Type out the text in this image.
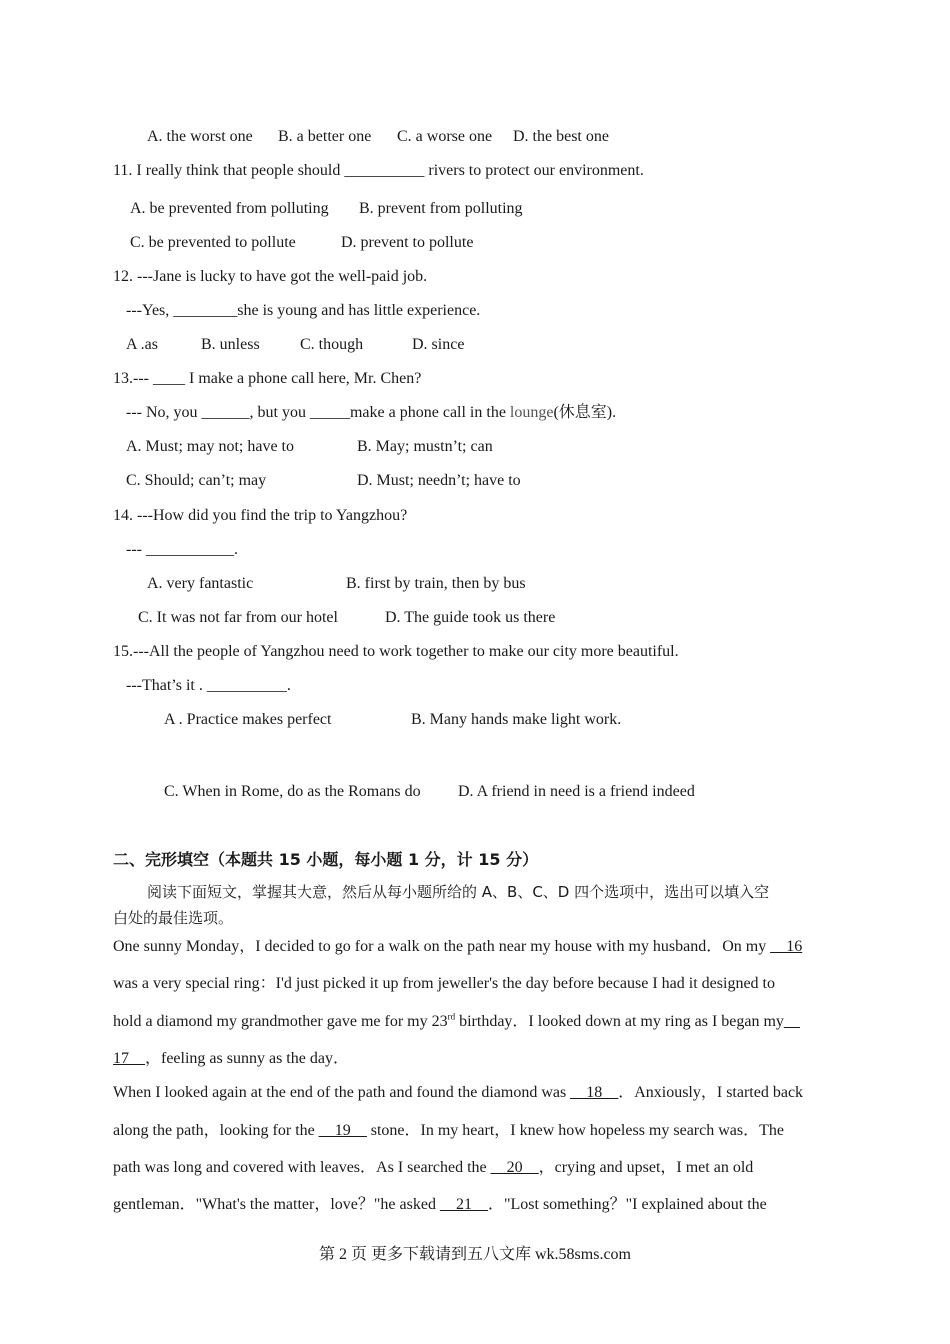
A. the worst one B. a better one C. a worse one D. the best one
11. I really think that people should __________ rivers to protect our environment.
A. be prevented from polluting B. prevent from polluting
C. be prevented to pollute	D. prevent to pollute
12. ---Jane is lucky to have got the well-paid job.
---Yes, ________she is young and has little experience.
A .as	B. unless	C. though	D. since
13.--- ____ I make a phone call here, Mr. Chen?
--- No, you ______, but you _____make a phone call in the lounge(休息室).
A. Must; may not; have to	B. May; mustn’t; can
C. Should; can’t; may	D. Must; needn’t; have to
14. ---How did you find the trip to Yangzhou?
--- ___________.
A. very fantastic	B. first by train, then by bus
C. It was not far from our hotel	D. The guide took us there
15.---All the people of Yangzhou need to work together to make our city more beautiful.
---That’s it . __________.
A . Practice makes perfect	B. Many hands make light work.
C. When in Rome, do as the Romans do D. A friend in need is a friend indeed
二、完形填空（本题共 15 小题，每小题 1 分，计 15 分）
阅读下面短文，掌握其大意，然后从每小题所给的 A、B、C、D 四个选项中，选出可以填入空
白处的最佳选项。
One sunny Monday，I decided to go for a walk on the path near my house with my husband．On my __16
was a very special ring：I'd just picked it up from jeweller's the day before because I had it designed to
hold a diamond my grandmother gave me for my 23rd birthday．I looked down at my ring as I began my__
17__，feeling as sunny as the day．
When I looked again at the end of the path and found the diamond was __18__．Anxiously，I started back
along the path，looking for the __19__ stone．In my heart，I knew how hopeless my search was．The
path was long and covered with leaves．As I searched the __20__，crying and upset，I met an old
gentleman．"What's the matter，love？"he asked __21__．"Lost something？"I explained about the
第 2 页 更多下载请到五八文库 wk.58sms.com
